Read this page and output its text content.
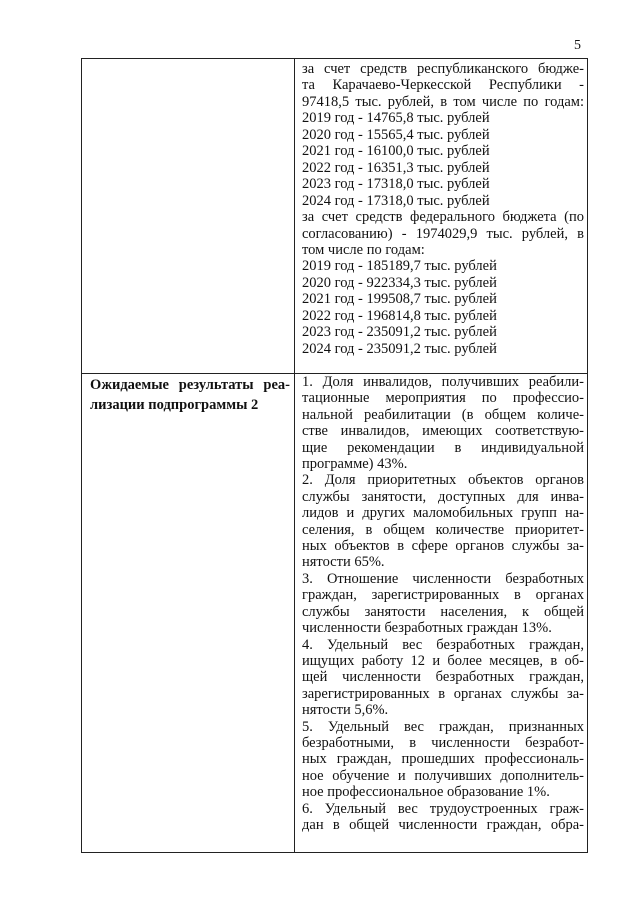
5
за счет средств республиканского бюдже-
та Карачаево-Черкесской Республики -
97418,5 тыс. рублей, в том числе по годам:

2019 год - 14765,8 тыс. рублей

2020 год - 15565,4 тыс. рублей

2021 год - 16100,0 тыс. рублей

2022 год - 16351,3 тыс. рублей

2023 год - 17318,0 тыс. рублей

2024 год - 17318,0 тыс. рублей

за счет средств федерального бюджета (по
согласованию) - 1974029,9 тыс. рублей, в
том числе по годам:

2019 год - 185189,7 тыс. рублей

2020 год - 922334,3 тыс. рублей

2021 год - 199508,7 тыс. рублей

2022 год - 196814,8 тыс. рублей

2023 год - 235091,2 тыс. рублей

2024 год - 235091,2 тыс. рублей

Ожидаемые результаты реа-
лизации подпрограммы 2
1. Доля инвалидов, получивших реабили-
тационные мероприятия по профессио-
нальной реабилитации (в общем количе-
стве инвалидов, имеющих соответствую-
щие рекомендации в индивидуальной
программе) 43%.
2. Доля приоритетных объектов органов
службы занятости, доступных для инва-
лидов и других маломобильных групп на-
селения, в общем количестве приоритет-
ных объектов в сфере органов службы за-
нятости 65%.
3. Отношение численности безработных
граждан, зарегистрированных в органах
службы занятости населения, к общей
численности безработных граждан 13%.
4. Удельный вес безработных граждан,
ищущих работу 12 и более месяцев, в об-
щей численности безработных граждан,
зарегистрированных в органах службы за-
нятости 5,6%.
5. Удельный вес граждан, признанных
безработными, в численности безработ-
ных граждан, прошедших профессиональ-
ное обучение и получивших дополнитель-
ное профессиональное образование 1%.
6. Удельный вес трудоустроенных граж-
дан в общей численности граждан, обра-
